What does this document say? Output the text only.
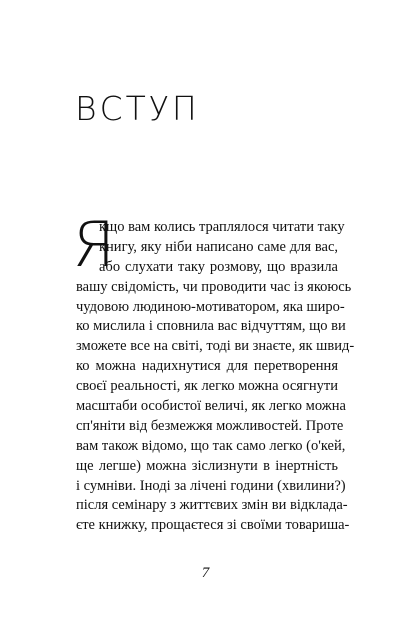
ВСТУП
Я
кщо вам колись траплялося читати таку
книгу, яку ніби написано саме для вас,
або слухати таку розмову, що вразила
вашу свідомість, чи проводити час із якоюсь
чудовою людиною-мотиватором, яка широ-
ко мислила і сповнила вас відчуттям, що ви
зможете все на світі, тоді ви знаєте, як швид-
ко можна надихнутися для перетворення
своєї реальності, як легко можна осягнути
масштаби особистої величі, як легко можна
сп'яніти від безмежжя можливостей. Проте
вам також відомо, що так само легко (о'кей,
ще легше) можна зіслизнути в інертність
і сумніви. Іноді за лічені години (хвилини?)
після семінару з життєвих змін ви відклада-
єте книжку, прощаєтеся зі своїми товариша-
7
